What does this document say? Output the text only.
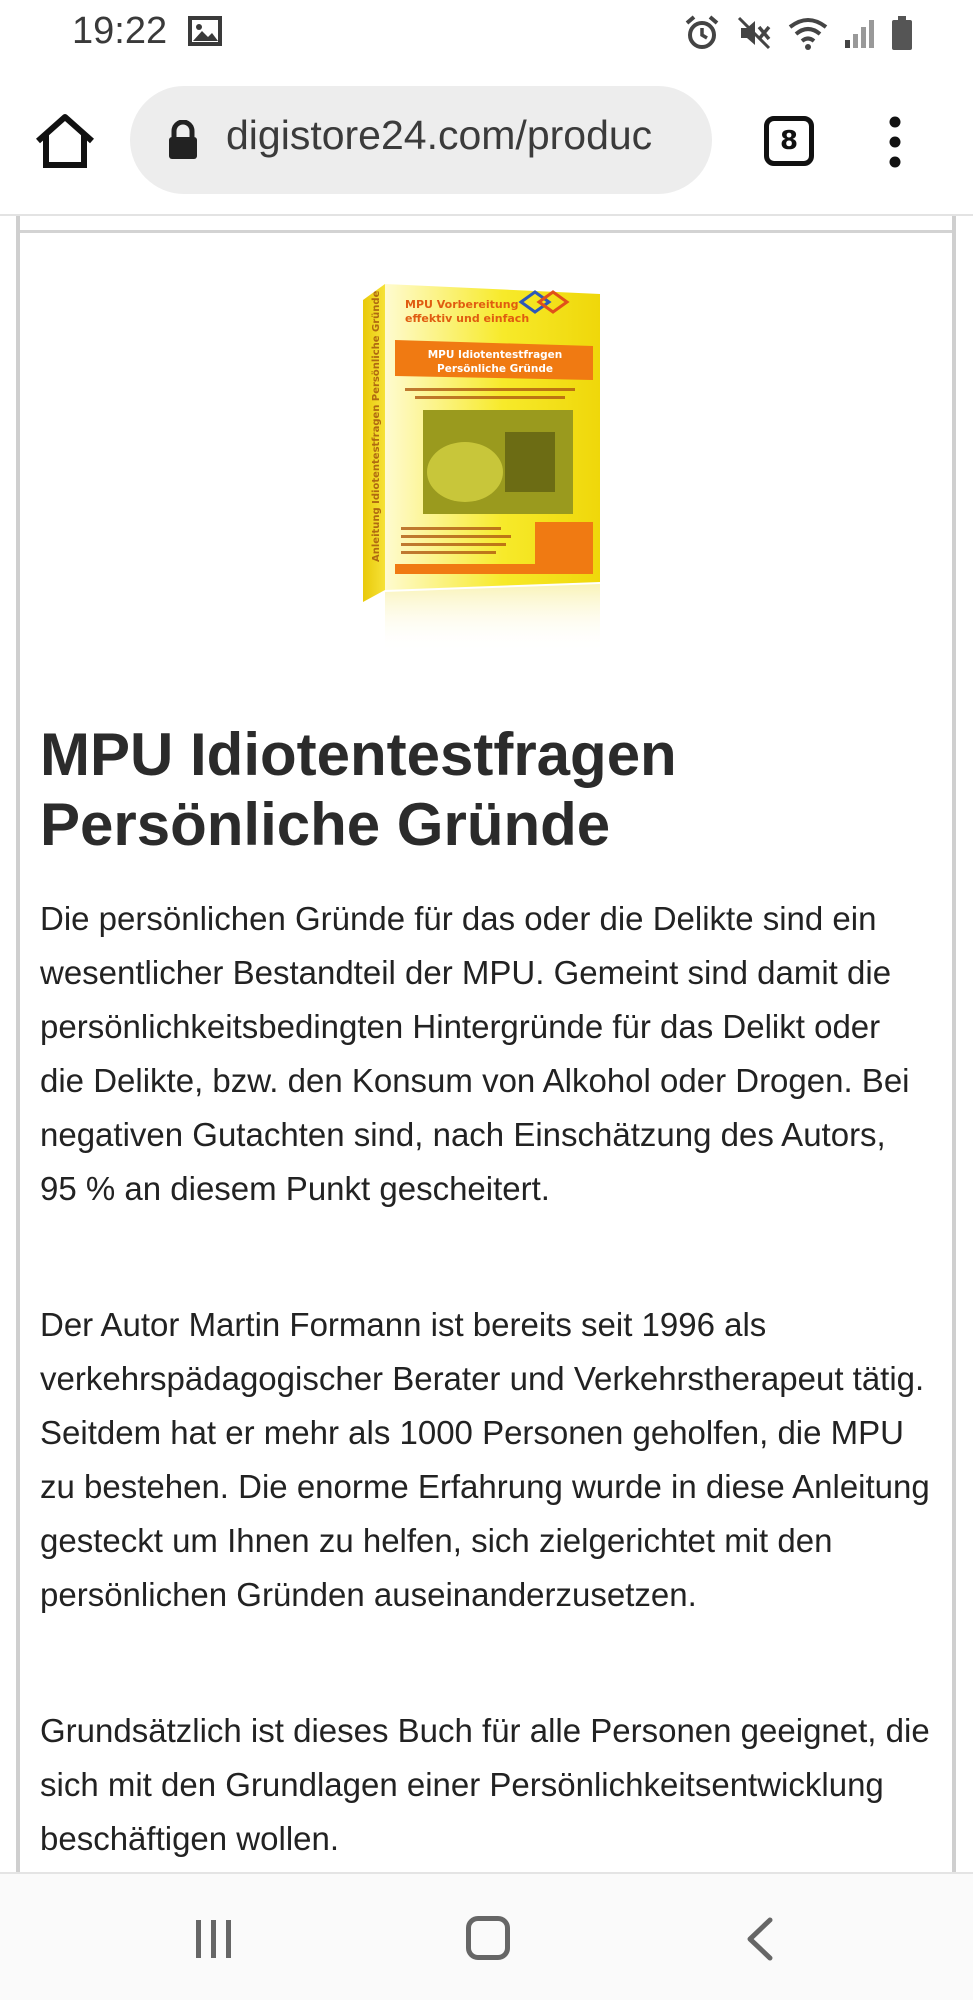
19:22
digistore24.com/produc	8
MPU Vorbereitung
effektiv und einfach
MPU Idiotentestfragen
Persönliche Gründe
Anleitung Idiotentestfragen Persönliche Gründe
MPU Idiotentestfragen Persönliche Gründe

Die persönlichen Gründe für das oder die Delikte sind ein wesentlicher Bestandteil der MPU. Gemeint sind damit die persönlichkeitsbedingten Hintergründe für das Delikt oder die Delikte, bzw. den Konsum von Alkohol oder Drogen. Bei negativen Gutachten sind, nach Einschätzung des Autors, 95 % an diesem Punkt gescheitert.

Der Autor Martin Formann ist bereits seit 1996 als verkehrspädagogischer Berater und Verkehrstherapeut tätig. Seitdem hat er mehr als 1000 Personen geholfen, die MPU zu bestehen. Die enorme Erfahrung wurde in diese Anleitung gesteckt um Ihnen zu helfen, sich zielgerichtet mit den persönlichen Gründen auseinanderzusetzen.

Grundsätzlich ist dieses Buch für alle Personen geeignet, die sich mit den Grundlagen einer Persönlichkeitsentwicklung beschäftigen wollen.
